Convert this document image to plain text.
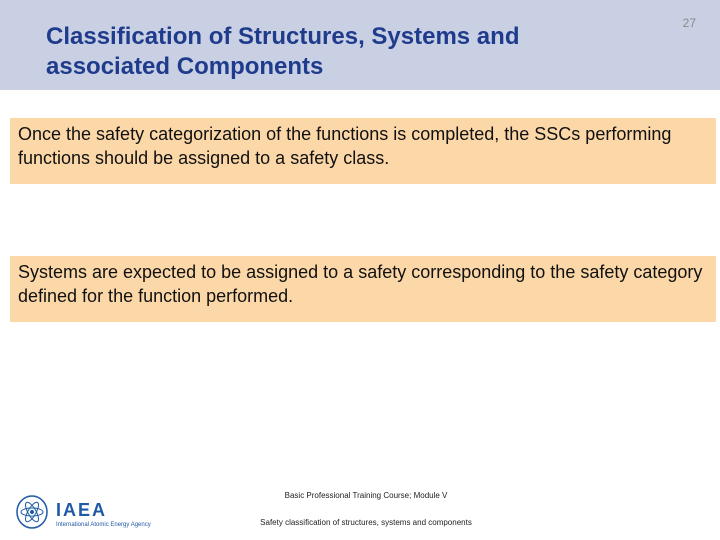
Classification of Structures, Systems and
associated Components
27
Once the safety categorization of the functions is completed, the SSCs performing functions should be assigned to a safety class.
Systems are expected to be assigned to a safety corresponding to the safety category defined for the function performed.
IAEA
International Atomic Energy Agency
Basic Professional Training Course; Module V
Safety classification of structures, systems and components
